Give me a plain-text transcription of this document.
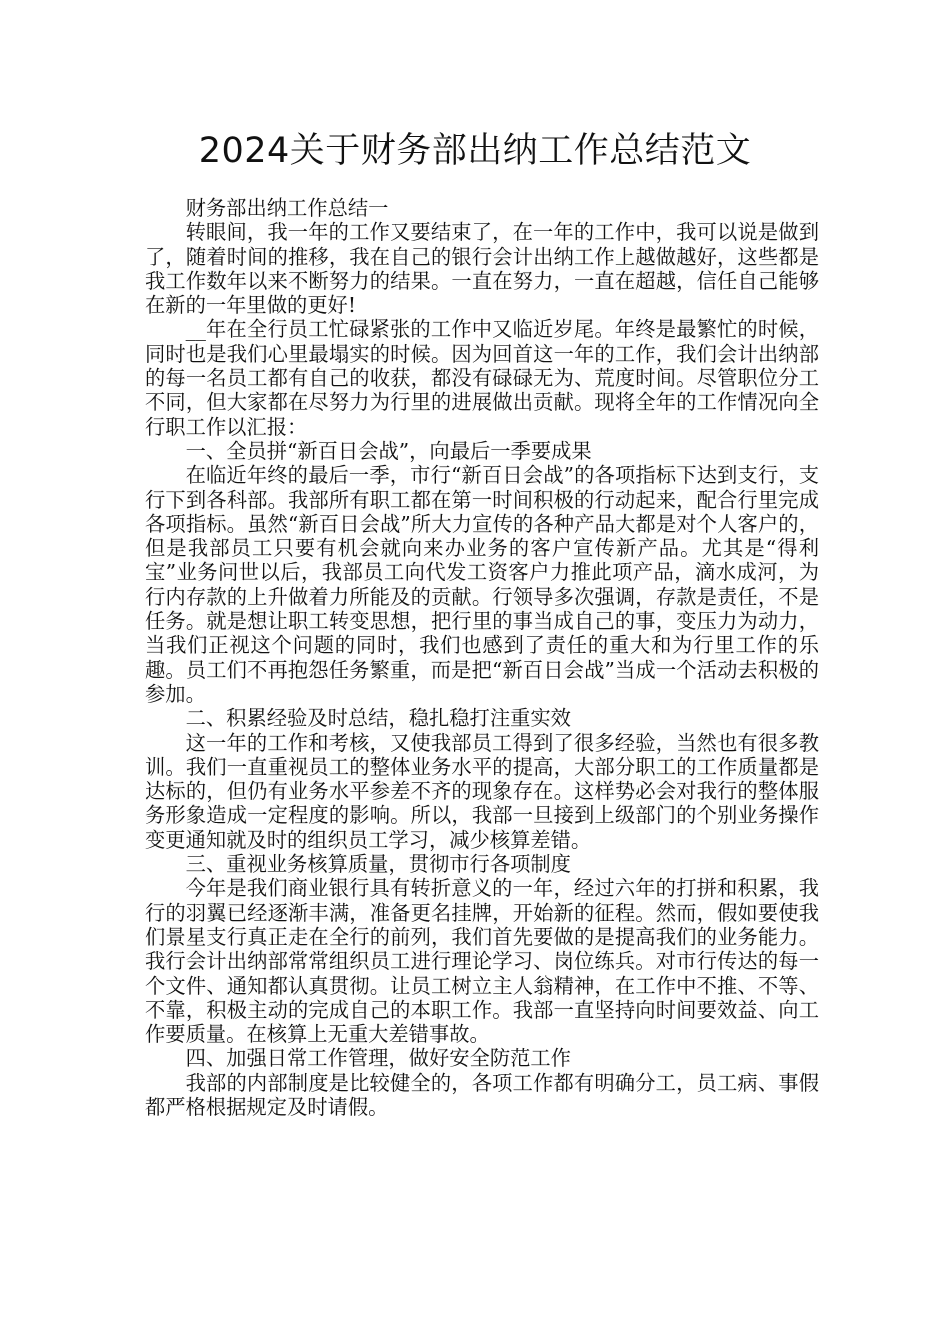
2024关于财务部出纳工作总结范文

财务部出纳工作总结一

转眼间，我一年的工作又要结束了，在一年的工作中，我可以说是做到了，随着时间的推移，我在自己的银行会计出纳工作上越做越好，这些都是我工作数年以来不断努力的结果。一直在努力，一直在超越，信任自己能够在新的一年里做的更好!

__年在全行员工忙碌紧张的工作中又临近岁尾。年终是最繁忙的时候，同时也是我们心里最塌实的时候。因为回首这一年的工作，我们会计出纳部的每一名员工都有自己的收获，都没有碌碌无为、荒度时间。尽管职位分工不同，但大家都在尽努力为行里的进展做出贡献。现将全年的工作情况向全行职工作以汇报：

一、全员拼“新百日会战”，向最后一季要成果

在临近年终的最后一季，市行“新百日会战”的各项指标下达到支行，支行下到各科部。我部所有职工都在第一时间积极的行动起来，配合行里完成各项指标。虽然“新百日会战”所大力宣传的各种产品大都是对个人客户的，但是我部员工只要有机会就向来办业务的客户宣传新产品。尤其是“得利宝”业务问世以后，我部员工向代发工资客户力推此项产品，滴水成河，为行内存款的上升做着力所能及的贡献。行领导多次强调，存款是责任，不是任务。就是想让职工转变思想，把行里的事当成自己的事，变压力为动力，当我们正视这个问题的同时，我们也感到了责任的重大和为行里工作的乐趣。员工们不再抱怨任务繁重，而是把“新百日会战”当成一个活动去积极的参加。

二、积累经验及时总结，稳扎稳打注重实效

这一年的工作和考核，又使我部员工得到了很多经验，当然也有很多教训。我们一直重视员工的整体业务水平的提高，大部分职工的工作质量都是达标的，但仍有业务水平参差不齐的现象存在。这样势必会对我行的整体服务形象造成一定程度的影响。所以，我部一旦接到上级部门的个别业务操作变更通知就及时的组织员工学习，减少核算差错。

三、重视业务核算质量，贯彻市行各项制度

今年是我们商业银行具有转折意义的一年，经过六年的打拼和积累，我行的羽翼已经逐渐丰满，准备更名挂牌，开始新的征程。然而，假如要使我们景星支行真正走在全行的前列，我们首先要做的是提高我们的业务能力。我行会计出纳部常常组织员工进行理论学习、岗位练兵。对市行传达的每一个文件、通知都认真贯彻。让员工树立主人翁精神，在工作中不推、不等、不靠，积极主动的完成自己的本职工作。我部一直坚持向时间要效益、向工作要质量。在核算上无重大差错事故。

四、加强日常工作管理，做好安全防范工作

我部的内部制度是比较健全的，各项工作都有明确分工，员工病、事假都严格根据规定及时请假。
